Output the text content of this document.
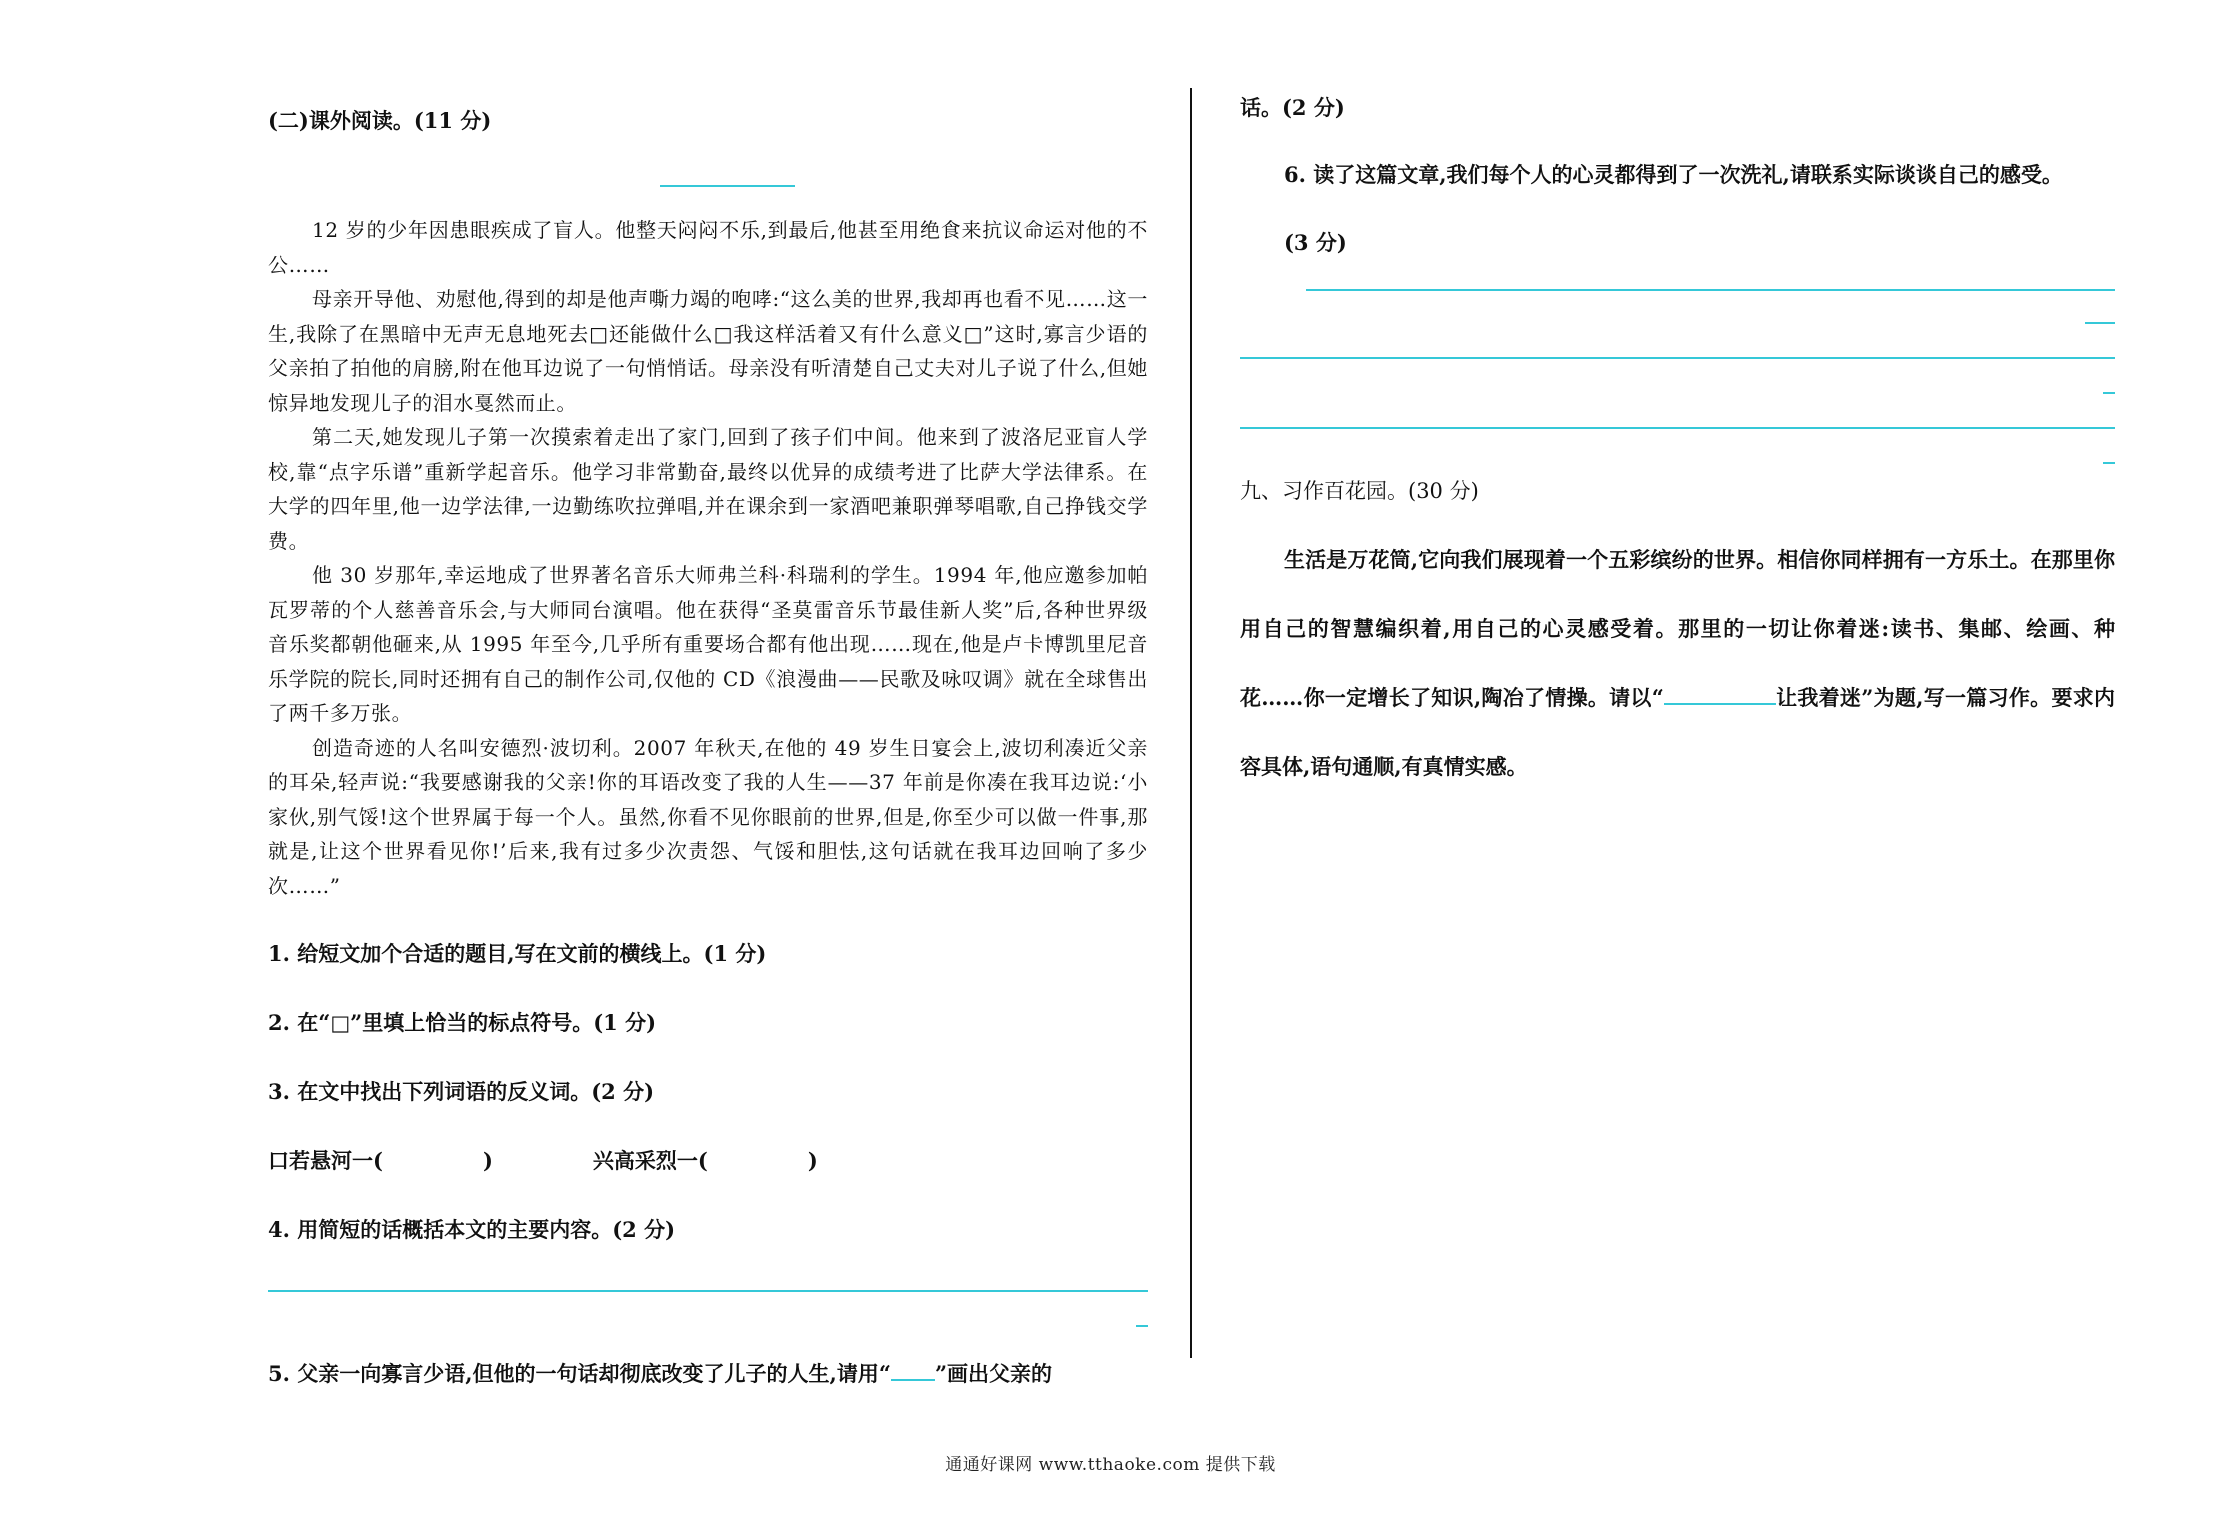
(二)课外阅读。(11 分)

12 岁的少年因患眼疾成了盲人。他整天闷闷不乐,到最后,他甚至用绝食来抗议命运对他的不公……

母亲开导他、劝慰他,得到的却是他声嘶力竭的咆哮:“这么美的世界,我却再也看不见……这一生,我除了在黑暗中无声无息地死去□还能做什么□我这样活着又有什么意义□”这时,寡言少语的父亲拍了拍他的肩膀,附在他耳边说了一句悄悄话。母亲没有听清楚自己丈夫对儿子说了什么,但她惊异地发现儿子的泪水戛然而止。

第二天,她发现儿子第一次摸索着走出了家门,回到了孩子们中间。他来到了波洛尼亚盲人学校,靠“点字乐谱”重新学起音乐。他学习非常勤奋,最终以优异的成绩考进了比萨大学法律系。在大学的四年里,他一边学法律,一边勤练吹拉弹唱,并在课余到一家酒吧兼职弹琴唱歌,自己挣钱交学费。

他 30 岁那年,幸运地成了世界著名音乐大师弗兰科·科瑞利的学生。1994 年,他应邀参加帕瓦罗蒂的个人慈善音乐会,与大师同台演唱。他在获得“圣莫雷音乐节最佳新人奖”后,各种世界级音乐奖都朝他砸来,从 1995 年至今,几乎所有重要场合都有他出现……现在,他是卢卡博凯里尼音乐学院的院长,同时还拥有自己的制作公司,仅他的 CD《浪漫曲——民歌及咏叹调》就在全球售出了两千多万张。

创造奇迹的人名叫安德烈·波切利。2007 年秋天,在他的 49 岁生日宴会上,波切利凑近父亲的耳朵,轻声说:“我要感谢我的父亲!你的耳语改变了我的人生——37 年前是你凑在我耳边说:‘小家伙,别气馁!这个世界属于每一个人。虽然,你看不见你眼前的世界,但是,你至少可以做一件事,那就是,让这个世界看见你!’后来,我有过多少次责怨、气馁和胆怯,这句话就在我耳边回响了多少次……”

1. 给短文加个合适的题目,写在文前的横线上。(1 分)

2. 在“□”里填上恰当的标点符号。(1 分)

3. 在文中找出下列词语的反义词。(2 分)

口若悬河一(	)	兴高采烈一(	)

4. 用简短的话概括本文的主要内容。(2 分)

5. 父亲一向寡言少语,但他的一句话却彻底改变了儿子的人生,请用“ ”画出父亲的

话。(2 分)

6. 读了这篇文章,我们每个人的心灵都得到了一次洗礼,请联系实际谈谈自己的感受。

(3 分)

九、习作百花园。(30 分)

生活是万花筒,它向我们展现着一个五彩缤纷的世界。相信你同样拥有一方乐土。在那里你用自己的智慧编织着,用自己的心灵感受着。那里的一切让你着迷:读书、集邮、绘画、种花……你一定增长了知识,陶冶了情操。请以“	让我着迷”为题,写一篇习作。要求内容具体,语句通顺,有真情实感。

通通好课网 www.tthaoke.com 提供下载
